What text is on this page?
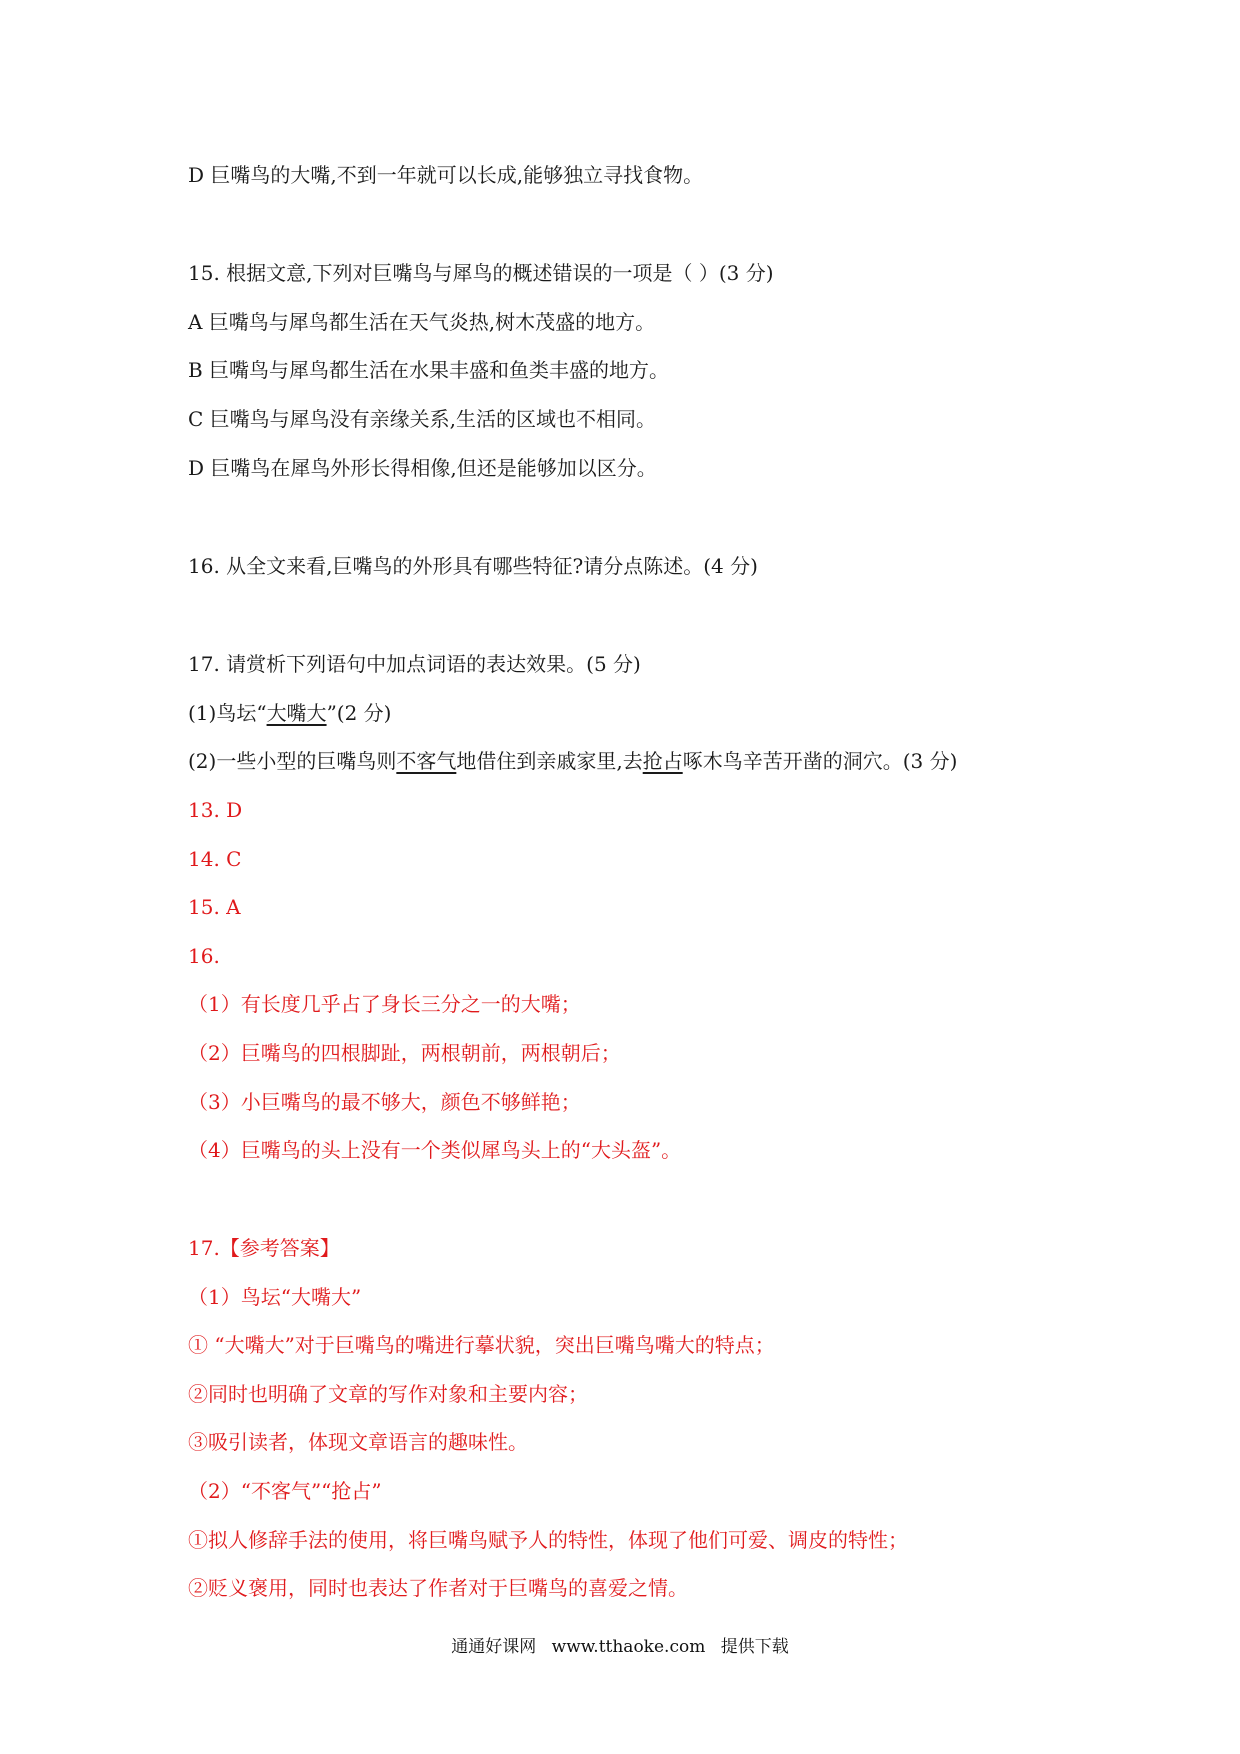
D 巨嘴鸟的大嘴,不到一年就可以长成,能够独立寻找食物。

15. 根据文意,下列对巨嘴鸟与犀鸟的概述错误的一项是（ ）(3 分)

A 巨嘴鸟与犀鸟都生活在天气炎热,树木茂盛的地方。

B 巨嘴鸟与犀鸟都生活在水果丰盛和鱼类丰盛的地方。

C 巨嘴鸟与犀鸟没有亲缘关系,生活的区域也不相同。

D 巨嘴鸟在犀鸟外形长得相像,但还是能够加以区分。

16. 从全文来看,巨嘴鸟的外形具有哪些特征?请分点陈述。(4 分)

17. 请赏析下列语句中加点词语的表达效果。(5 分)

(1)鸟坛“大嘴大”(2 分)

(2)一些小型的巨嘴鸟则不客气地借住到亲戚家里,去抢占啄木鸟辛苦开凿的洞穴。(3 分)

13. D

14. C

15. A

16.

（1）有长度几乎占了身长三分之一的大嘴；

（2）巨嘴鸟的四根脚趾，两根朝前，两根朝后；

（3）小巨嘴鸟的最不够大，颜色不够鲜艳；

（4）巨嘴鸟的头上没有一个类似犀鸟头上的“大头盔”。

17.【参考答案】

（1）鸟坛“大嘴大”

① “大嘴大”对于巨嘴鸟的嘴进行摹状貌，突出巨嘴鸟嘴大的特点；

②同时也明确了文章的写作对象和主要内容；

③吸引读者，体现文章语言的趣味性。

（2）“不客气”“抢占”

①拟人修辞手法的使用，将巨嘴鸟赋予人的特性，体现了他们可爱、调皮的特性；

②贬义褒用，同时也表达了作者对于巨嘴鸟的喜爱之情。

通通好课网 www.tthaoke.com 提供下载
